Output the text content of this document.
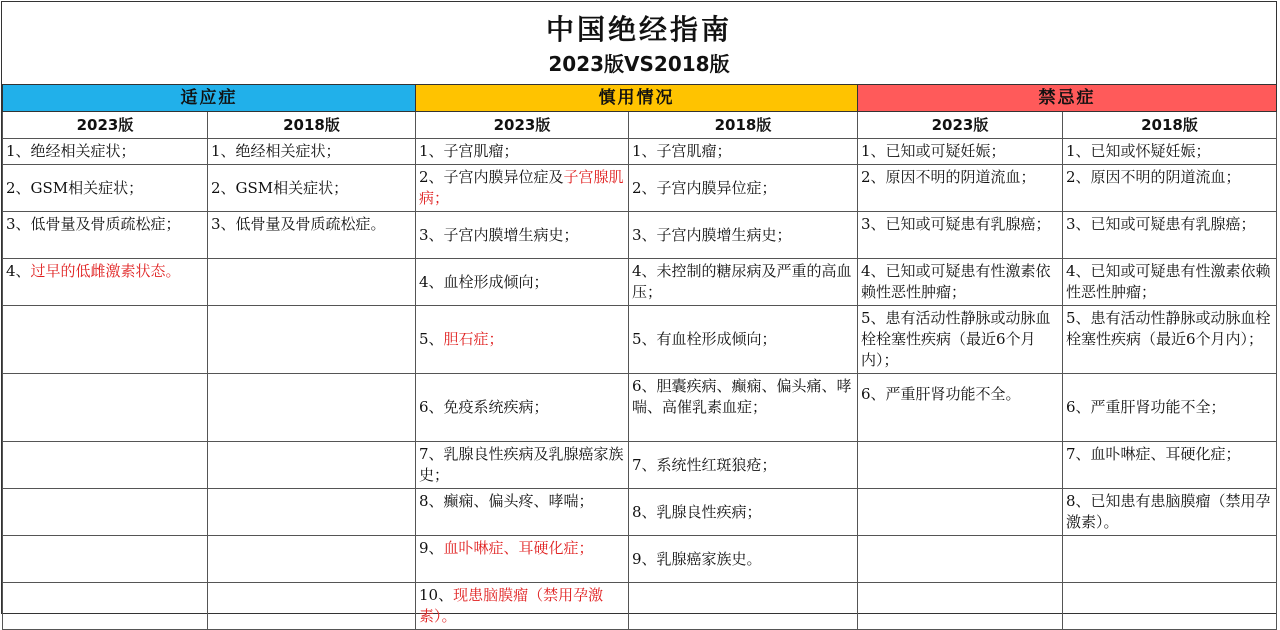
中国绝经指南
2023版VS2018版
适应症		慎用情况		禁忌症	
2023版	2018版	2023版	2018版	2023版	2018版
1、绝经相关症状；	1、绝经相关症状；	1、子宫肌瘤；	1、子宫肌瘤；	1、已知或可疑妊娠；	1、已知或怀疑妊娠；
2、GSM相关症状；	2、GSM相关症状；	2、子宫内膜异位症及子宫腺肌病；	2、子宫内膜异位症；	2、原因不明的阴道流血；	2、原因不明的阴道流血；
3、低骨量及骨质疏松症；	3、低骨量及骨质疏松症。	3、子宫内膜增生病史；	3、子宫内膜增生病史；	3、已知或可疑患有乳腺癌；	3、已知或可疑患有乳腺癌；
4、过早的低雌激素状态。		4、血栓形成倾向；	4、未控制的糖尿病及严重的高血压；	4、已知或可疑患有性激素依赖性恶性肿瘤；	4、已知或可疑患有性激素依赖性恶性肿瘤；
		5、胆石症；	5、有血栓形成倾向；	5、患有活动性静脉或动脉血栓栓塞性疾病（最近6个月内）；	5、患有活动性静脉或动脉血栓栓塞性疾病（最近6个月内）；
		6、免疫系统疾病；	6、胆囊疾病、癫痫、偏头痛、哮喘、高催乳素血症；	6、严重肝肾功能不全。	6、严重肝肾功能不全；
		7、乳腺良性疾病及乳腺癌家族史；	7、系统性红斑狼疮；		7、血卟啉症、耳硬化症；
		8、癫痫、偏头疼、哮喘；	8、乳腺良性疾病；		8、已知患有患脑膜瘤（禁用孕激素）。
		9、血卟啉症、耳硬化症；	9、乳腺癌家族史。		
		10、现患脑膜瘤（禁用孕激素）。			
